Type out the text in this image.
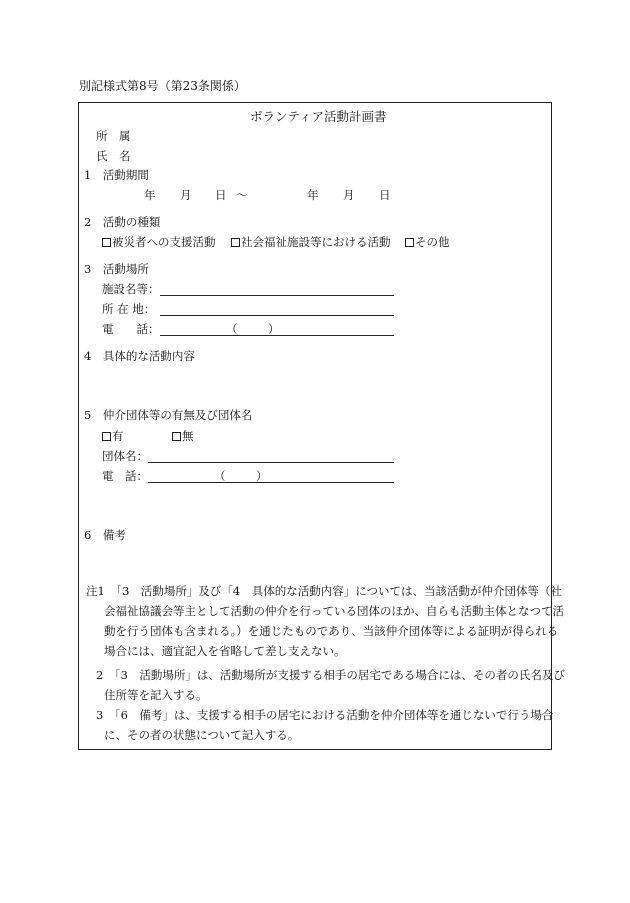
別記様式第8号（第23条関係）
ボランティア活動計画書
所　属
氏　名
1　活動期間
年 月 日 ～	年 月 日
2　活動の種類
被災者への支援活動	社会福祉施設等における活動	その他
3　活動場所
施設名等：
所 在 地：
電　　話：	（	）
4　具体的な活動内容
5　仲介団体等の有無及び団体名
有	無
団体名：
電　話：	（	）
6　備考
注1　「3　活動場所」及び「4　具体的な活動内容」については、当該活動が仲介団体等（社会福祉協議会等主として活動の仲介を行っている団体のほか、自らも活動主体となつて活動を行う団体も含まれる。）を通じたものであり、当該仲介団体等による証明が得られる場合には、適宜記入を省略して差し支えない。
2　「3　活動場所」は、活動場所が支援する相手の居宅である場合には、その者の氏名及び住所等を記入する。
3　「6　備考」は、支援する相手の居宅における活動を仲介団体等を通じないで行う場合に、その者の状態について記入する。
